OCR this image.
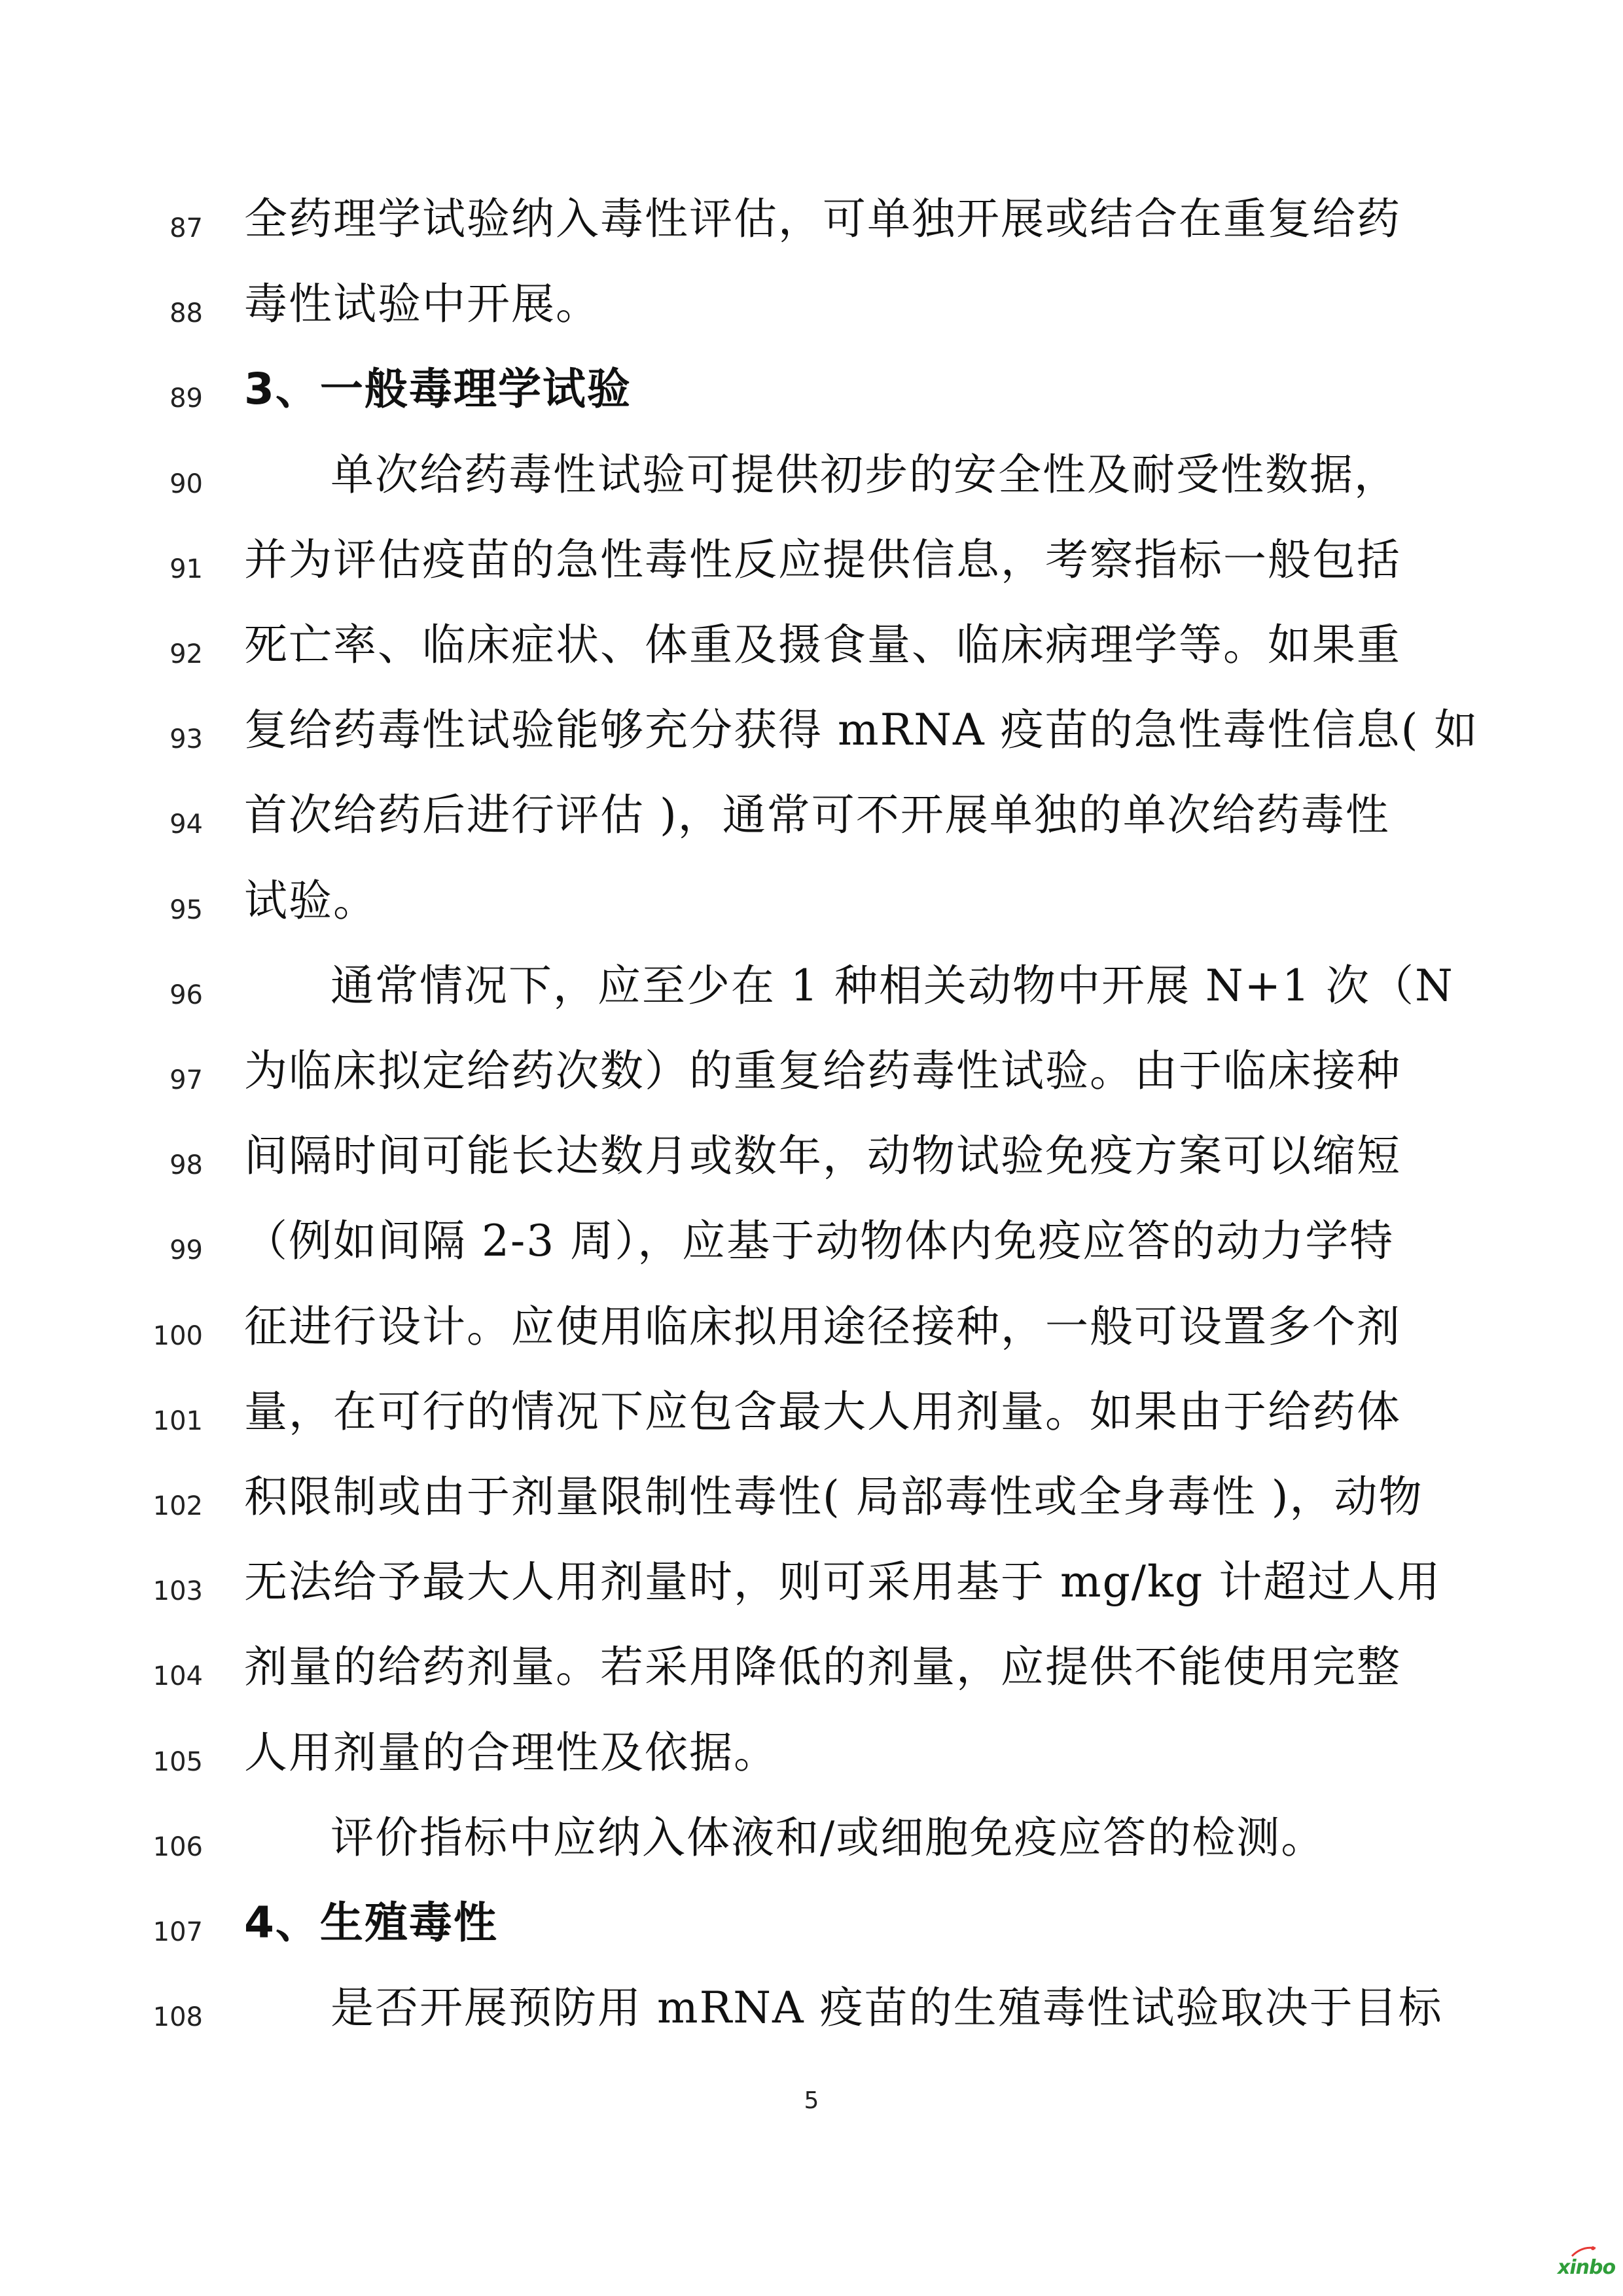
87 全药理学试验纳入毒性评估，可单独开展或结合在重复给药
88 毒性试验中开展。
89 3、一般毒理学试验
90	单次给药毒性试验可提供初步的安全性及耐受性数据，
91 并为评估疫苗的急性毒性反应提供信息，考察指标一般包括
92 死亡率、临床症状、体重及摄食量、临床病理学等。如果重
93 复给药毒性试验能够充分获得 mRNA 疫苗的急性毒性信息( 如
94 首次给药后进行评估 )，通常可不开展单独的单次给药毒性
95 试验。
96	通常情况下，应至少在 1 种相关动物中开展 N+1 次（N
97 为临床拟定给药次数）的重复给药毒性试验。由于临床接种
98 间隔时间可能长达数月或数年，动物试验免疫方案可以缩短
99 （例如间隔 2-3 周），应基于动物体内免疫应答的动力学特
100 征进行设计。应使用临床拟用途径接种，一般可设置多个剂
101 量，在可行的情况下应包含最大人用剂量。如果由于给药体
102 积限制或由于剂量限制性毒性( 局部毒性或全身毒性 )，动物
103 无法给予最大人用剂量时，则可采用基于 mg/kg 计超过人用
104 剂量的给药剂量。若采用降低的剂量，应提供不能使用完整
105 人用剂量的合理性及依据。
106	评价指标中应纳入体液和/或细胞免疫应答的检测。
107 4、生殖毒性
108	是否开展预防用 mRNA 疫苗的生殖毒性试验取决于目标
5
xinbo
